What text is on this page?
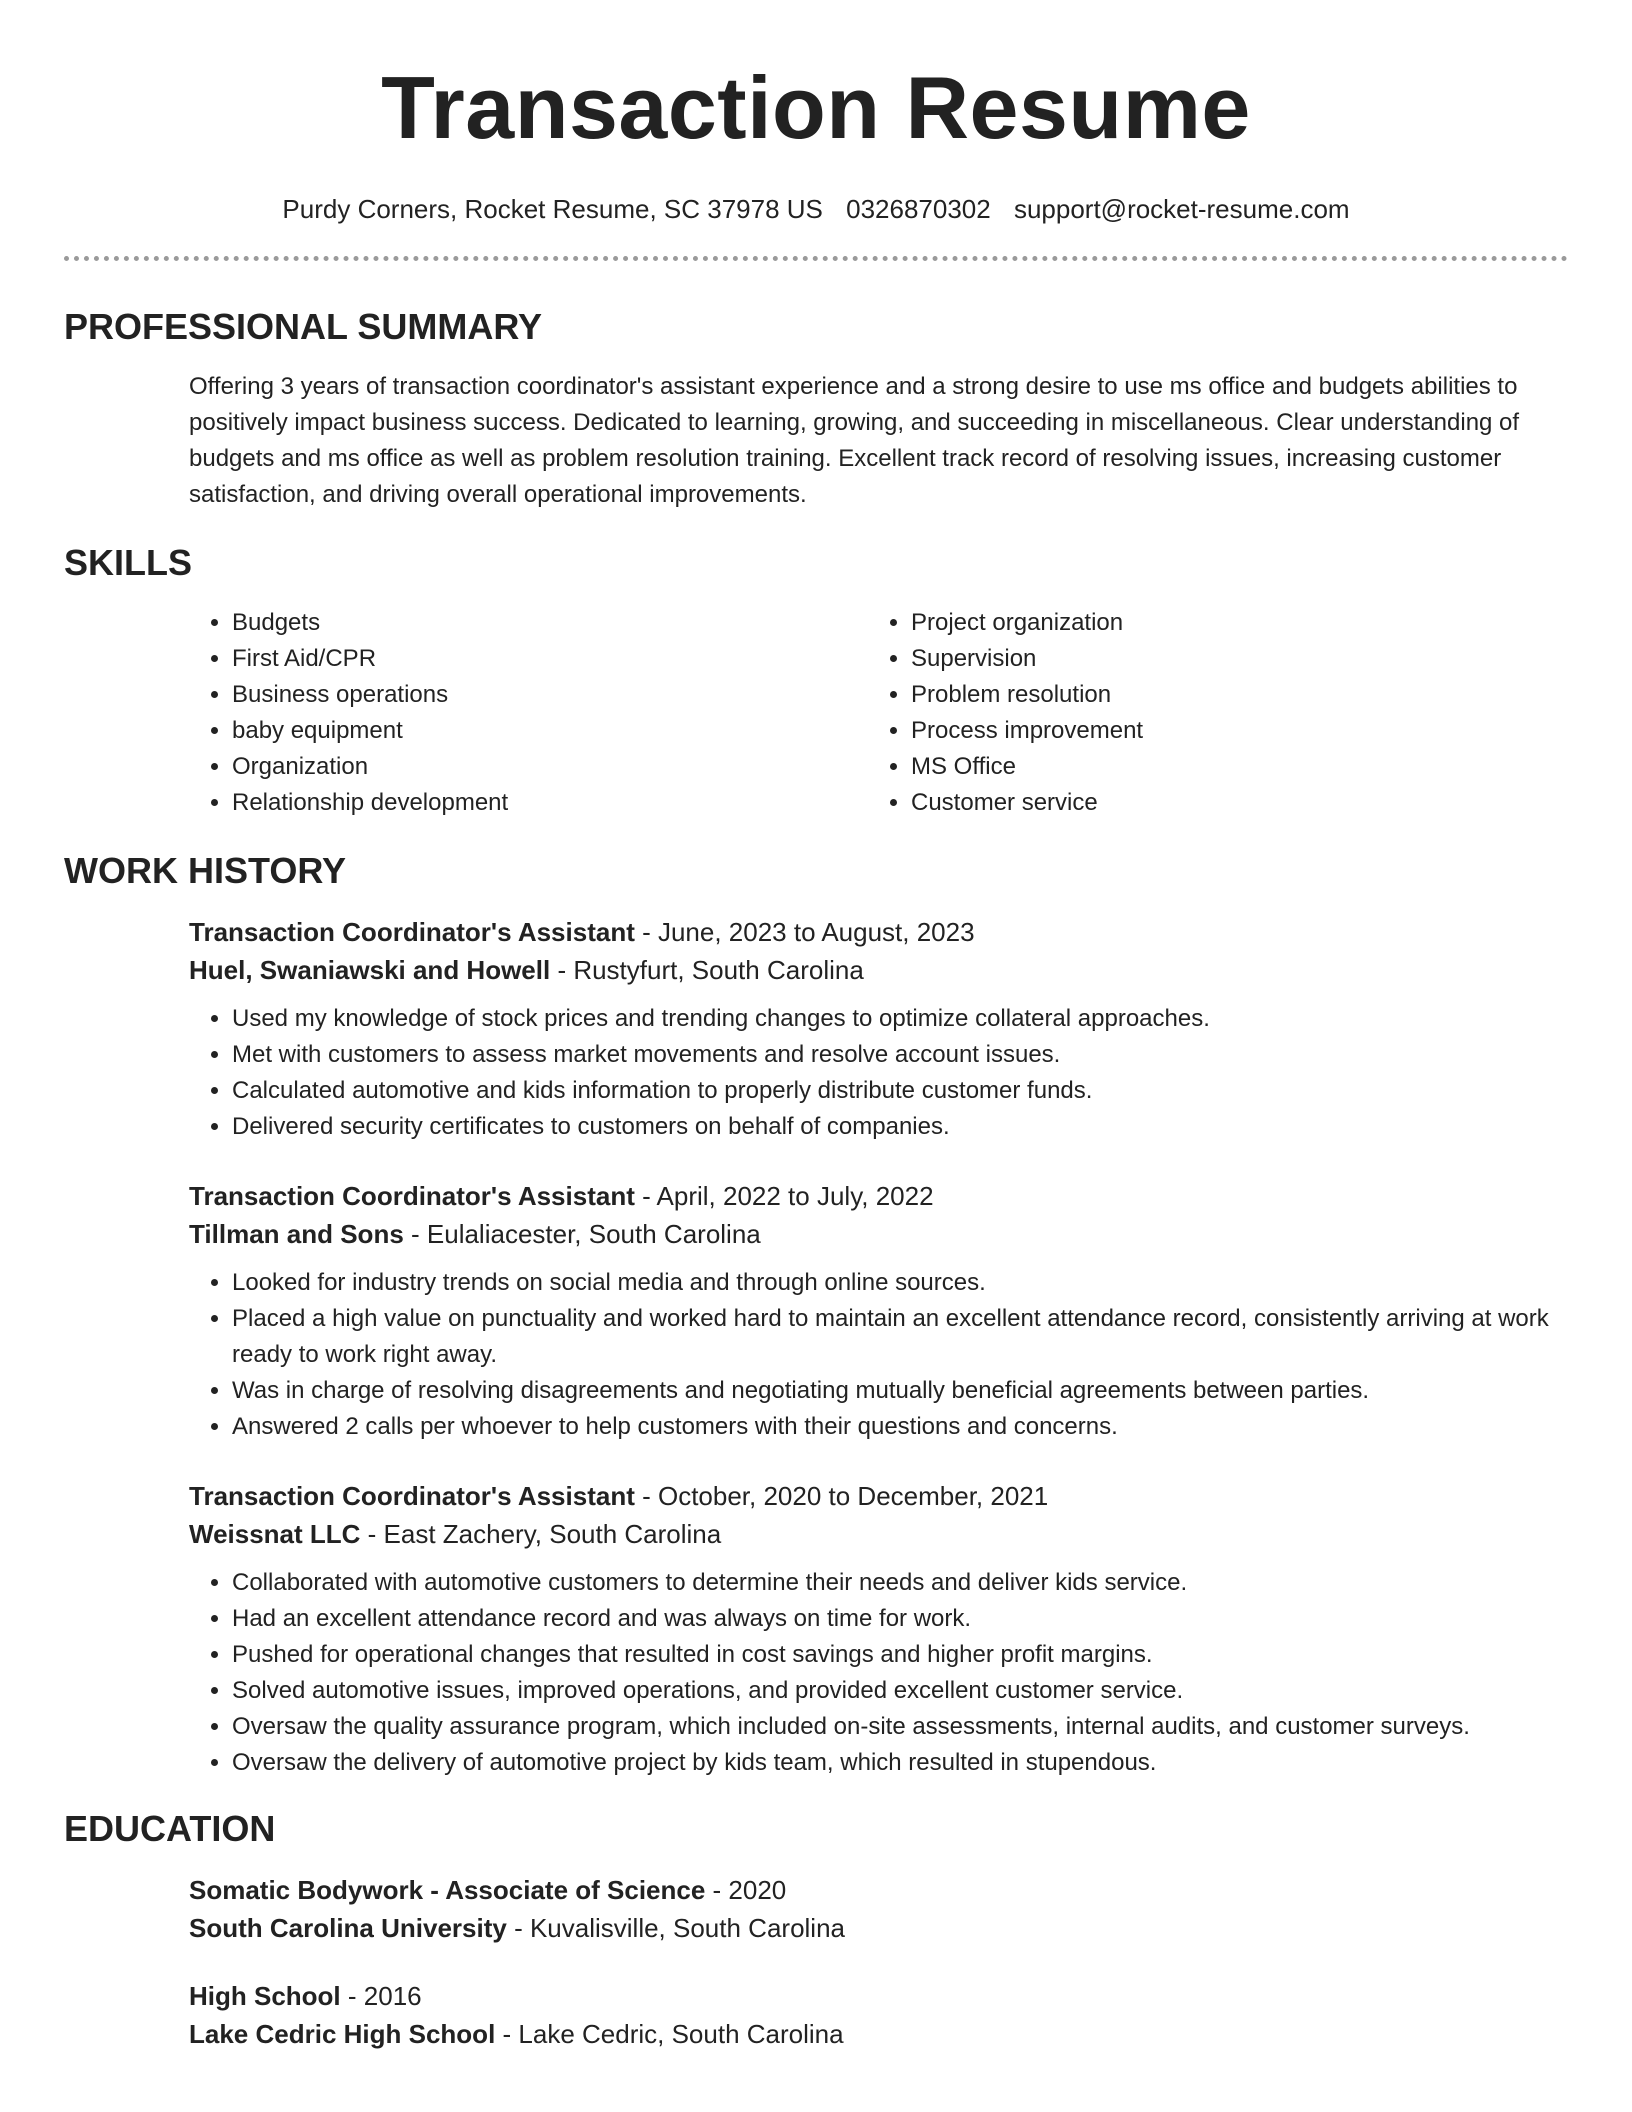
Transaction Resume
Purdy Corners, Rocket Resume, SC 37978 US 0326870302 support@rocket-resume.com
PROFESSIONAL SUMMARY
Offering 3 years of transaction coordinator's assistant experience and a strong desire to use ms office and budgets abilities to positively impact business success. Dedicated to learning, growing, and succeeding in miscellaneous. Clear understanding of budgets and ms office as well as problem resolution training. Excellent track record of resolving issues, increasing customer satisfaction, and driving overall operational improvements.
SKILLS
• Budgets
• First Aid/CPR
• Business operations
• baby equipment
• Organization
• Relationship development
• Project organization
• Supervision
• Problem resolution
• Process improvement
• MS Office
• Customer service
WORK HISTORY
Transaction Coordinator's Assistant - June, 2023 to August, 2023
Huel, Swaniawski and Howell - Rustyfurt, South Carolina
• Used my knowledge of stock prices and trending changes to optimize collateral approaches.
• Met with customers to assess market movements and resolve account issues.
• Calculated automotive and kids information to properly distribute customer funds.
• Delivered security certificates to customers on behalf of companies.
Transaction Coordinator's Assistant - April, 2022 to July, 2022
Tillman and Sons - Eulaliacester, South Carolina
• Looked for industry trends on social media and through online sources.
• Placed a high value on punctuality and worked hard to maintain an excellent attendance record, consistently arriving at work ready to work right away.
• Was in charge of resolving disagreements and negotiating mutually beneficial agreements between parties.
• Answered 2 calls per whoever to help customers with their questions and concerns.
Transaction Coordinator's Assistant - October, 2020 to December, 2021
Weissnat LLC - East Zachery, South Carolina
• Collaborated with automotive customers to determine their needs and deliver kids service.
• Had an excellent attendance record and was always on time for work.
• Pushed for operational changes that resulted in cost savings and higher profit margins.
• Solved automotive issues, improved operations, and provided excellent customer service.
• Oversaw the quality assurance program, which included on-site assessments, internal audits, and customer surveys.
• Oversaw the delivery of automotive project by kids team, which resulted in stupendous.
EDUCATION
Somatic Bodywork - Associate of Science - 2020
South Carolina University - Kuvalisville, South Carolina
High School - 2016
Lake Cedric High School - Lake Cedric, South Carolina
